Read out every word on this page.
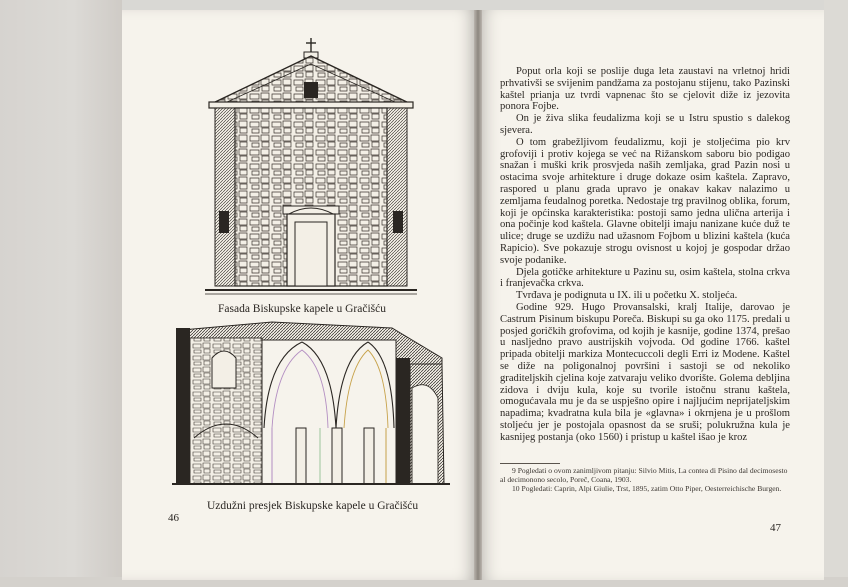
Fasada Biskupske kapele u Gračišću
Uzdužni presjek Biskupske kapele u Gračišću
46

Poput orla koji se poslije duga leta zaustavi na vrletnoj hridi prhvativši se svijenim pandžama za postojanu stijenu, tako Pazinski kaštel prianja uz tvrdi vapnenac što se cjelovit diže iz jezovita ponora Fojbe.

On je živa slika feudalizma koji se u Istru spustio s dalekog sjevera.

O tom grabežljivom feudalizmu, koji je stoljećima pio krv grofovijì i protiv kojega se već na Rižanskom saboru bio podigao snažan i muški krik prosvjeda naših zemljaka, grad Pazin nosi u ostacima svoje arhitekture i druge dokaze osim kaštela. Zapravo, raspored u planu grada upravo je onakav kakav nalazimo u zemljama feudalnog poretka. Nedostaje trg pravilnog oblika, forum, koji je općinska karakteristika: postoji samo jedna ulična arterija i ona počinje kod kaštela. Glavne obitelji imaju nanizane kuće duž te ulice; druge se uzdižu nad užasnom Fojbom u blizini kaštela (kuća Rapicio). Sve pokazuje strogu ovisnost u kojoj je gospodar držao svoje podanike.

Djela gotičke arhitekture u Pazinu su, osim kaštela, stolna crkva i franjevačka crkva.

Tvrđava je podignuta u IX. ili u početku X. stoljeća.

Godine 929. Hugo Provansalski, kralj Italije, darovao je Castrum Pisinum biskupu Poreča. Biskupi su ga oko 1175. predali u posjed goričkih grofovima, od kojih je kasnije, godine 1374, prešao u nasljedno pravo austrijskih vojvoda. Od godine 1766. kaštel pripada obitelji markiza Montecuccoli degli Erri iz Modene. Kaštel se diže na poligonalnoj površini i sastoji se od nekoliko graditeljskih cjelina koje zatvaraju veliko dvorište. Golema debljina zidova i dviju kula, koje su tvorile istočnu stranu kaštela, omogućavala mu je da se uspješno opire i najljućim neprijateljskim napadima; kvadratna kula bila je «glavna» i okrnjena je u prošlom stoljeću jer je postojala opasnost da se sruši; polukružna kula je kasnijeg postanja (oko 1560) i pristup u kaštel išao je kroz

9 Pogledati o ovom zanimljivom pitanju: Silvio Mitis, La contea di Pisino dal decimosesto al decimonono secolo, Poreč, Coana, 1903.

10 Pogledati: Caprin, Alpi Giulie, Trst, 1895, zatim Otto Piper, Oesterreichische Burgen.

47
